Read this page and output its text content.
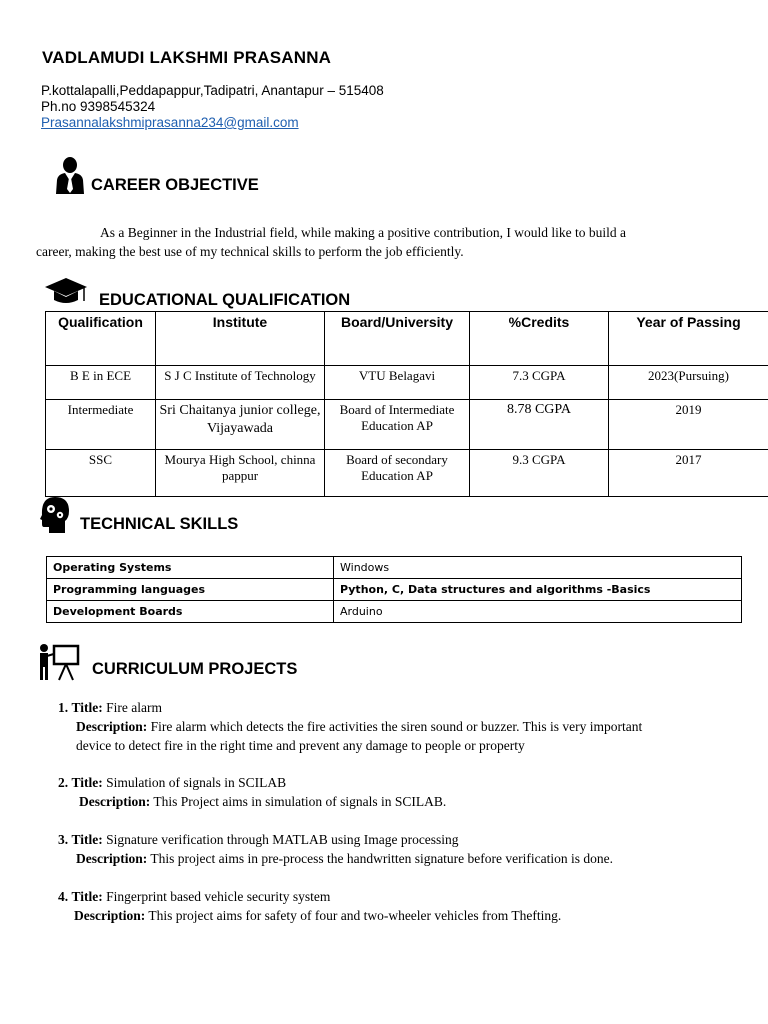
VADLAMUDI LAKSHMI PRASANNA
P.kottalapalli,Peddapappur,Tadipatri, Anantapur – 515408
Ph.no 9398545324
Prasannalakshmiprasanna234@gmail.com
CAREER OBJECTIVE
As a Beginner in the Industrial field, while making a positive contribution, I would like to build a
career, making the best use of my technical skills to perform the job efficiently.
EDUCATIONAL QUALIFICATION
Qualification	Institute	Board/University	%Credits	Year of Passing
B E in ECE	S J C Institute of Technology	VTU Belagavi	7.3 CGPA	2023(Pursuing)
Intermediate	Sri Chaitanya junior college, Vijayawada	Board of Intermediate Education AP	8.78 CGPA	2019
SSC	Mourya High School, chinna pappur	Board of secondary Education AP	9.3 CGPA	2017
TECHNICAL SKILLS
Operating Systems	Windows
Programming languages	Python, C, Data structures and algorithms -Basics
Development Boards	Arduino
CURRICULUM PROJECTS
1. Title: Fire alarm
Description: Fire alarm which detects the fire activities the siren sound or buzzer. This is very important
device to detect fire in the right time and prevent any damage to people or property
2. Title: Simulation of signals in SCILAB
Description: This Project aims in simulation of signals in SCILAB.
3. Title: Signature verification through MATLAB using Image processing
Description: This project aims in pre-process the handwritten signature before verification is done.
4. Title: Fingerprint based vehicle security system
Description: This project aims for safety of four and two-wheeler vehicles from Thefting.
